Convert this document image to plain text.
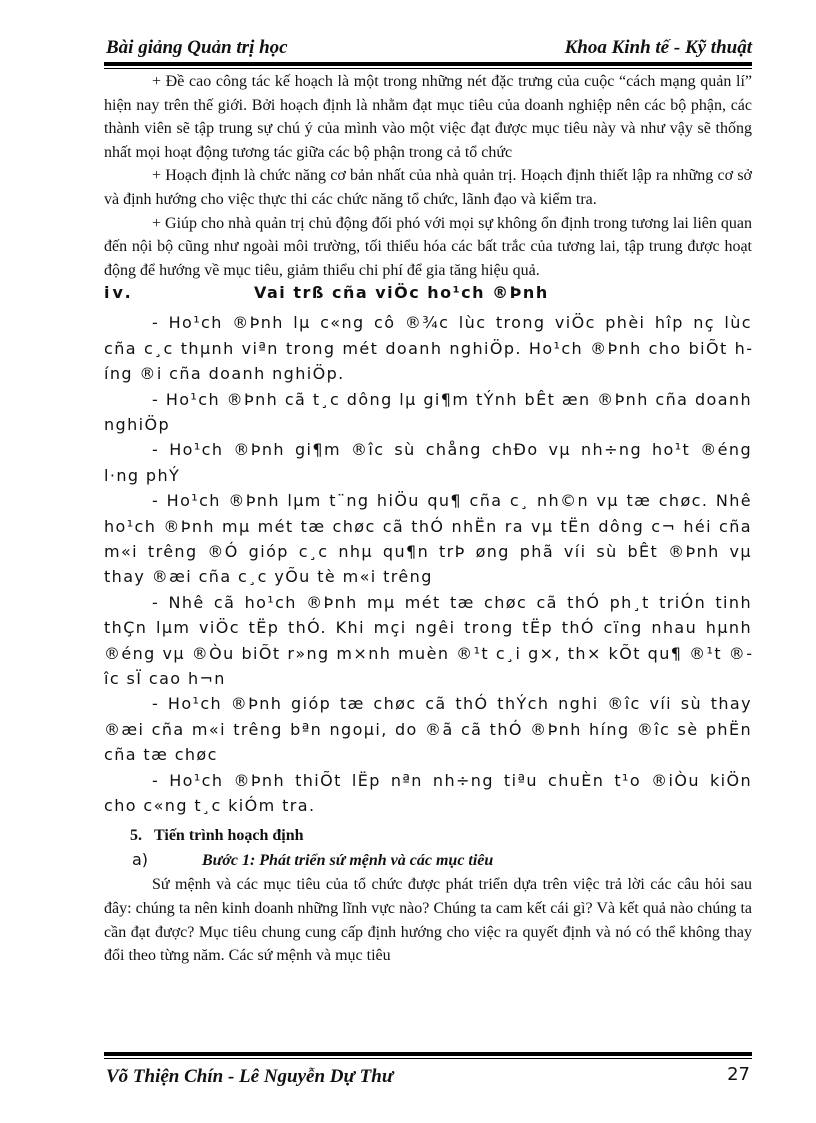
Bài giảng Quản trị học	Khoa Kinh tế - Kỹ thuật

+ Đề cao công tác kế hoạch là một trong những nét đặc trưng của cuộc “cách mạng quản lí” hiện nay trên thế giới. Bởi hoạch định là nhằm đạt mục tiêu của doanh nghiệp nên các bộ phận, các thành viên sẽ tập trung sự chú ý của mình vào một việc đạt được mục tiêu này và như vậy sẽ thống nhất mọi hoạt động tương tác giữa các bộ phận trong cả tổ chức

+ Hoạch định là chức năng cơ bản nhất của nhà quản trị. Hoạch định thiết lập ra những cơ sở và định hướng cho việc thực thi các chức năng tổ chức, lãnh đạo và kiểm tra.

+ Giúp cho nhà quản trị chủ động đối phó với mọi sự không ổn định trong tương lai liên quan đến nội bộ cũng như ngoài môi trường, tối thiểu hóa các bất trắc của tương lai, tập trung được hoạt động để hướng về mục tiêu, giảm thiểu chi phí để gia tăng hiệu quả.

iv.	Vai trß cña viÖc ho¹ch ®Þnh

- Ho¹ch ®Þnh lµ c«ng cô ®¾c lùc trong viÖc phèi hîp nç lùc cña c¸c thµnh viªn trong mét doanh nghiÖp. Ho¹ch ®Þnh cho biÕt híng ®i cña doanh nghiÖp.

- Ho¹ch ®Þnh cã t¸c dông lµ gi¶m tÝnh bÊt æn ®Þnh cña doanh nghiÖp

- Ho¹ch ®Þnh gi¶m ®îc sù chång chÐo vµ nh÷ng ho¹t ®éng l·ng phÝ

- Ho¹ch ®Þnh lµm t¨ng hiÖu qu¶ cña c¸ nh©n vµ tæ chøc. Nhê ho¹ch ®Þnh mµ mét tæ chøc cã thÓ nhËn ra vµ tËn dông c¬ héi cña m«i trêng ®Ó gióp c¸c nhµ qu¶n trÞ øng phã víi sù bÊt ®Þnh vµ thay ®æi cña c¸c yÕu tè m«i trêng

- Nhê cã ho¹ch ®Þnh mµ mét tæ chøc cã thÓ ph¸t triÓn tinh thÇn lµm viÖc tËp thÓ. Khi mçi ngêi trong tËp thÓ cïng nhau hµnh ®éng vµ ®Òu biÕt r»ng m×nh muèn ®¹t c¸i g×, th× kÕt qu¶ ®¹t ®îc sÏ cao h¬n

- Ho¹ch ®Þnh gióp tæ chøc cã thÓ thÝch nghi ®îc víi sù thay ®æi cña m«i trêng bªn ngoµi, do ®ã cã thÓ ®Þnh híng ®îc sè phËn cña tæ chøc

- Ho¹ch ®Þnh thiÕt lËp nªn nh÷ng tiªu chuÈn t¹o ®iÒu kiÖn cho c«ng t¸c kiÓm tra.

5. Tiến trình hoạch định
a)	Bước 1: Phát triển sứ mệnh và các mục tiêu

Sứ mệnh và các mục tiêu của tổ chức được phát triển dựa trên việc trả lời các câu hỏi sau đây: chúng ta nên kinh doanh những lĩnh vực nào? Chúng ta cam kết cái gì? Và kết quả nào chúng ta cần đạt được? Mục tiêu chung cung cấp định hướng cho việc ra quyết định và nó có thể không thay đổi theo từng năm. Các sứ mệnh và mục tiêu

Võ Thiện Chín - Lê Nguyễn Dự Thư	27
